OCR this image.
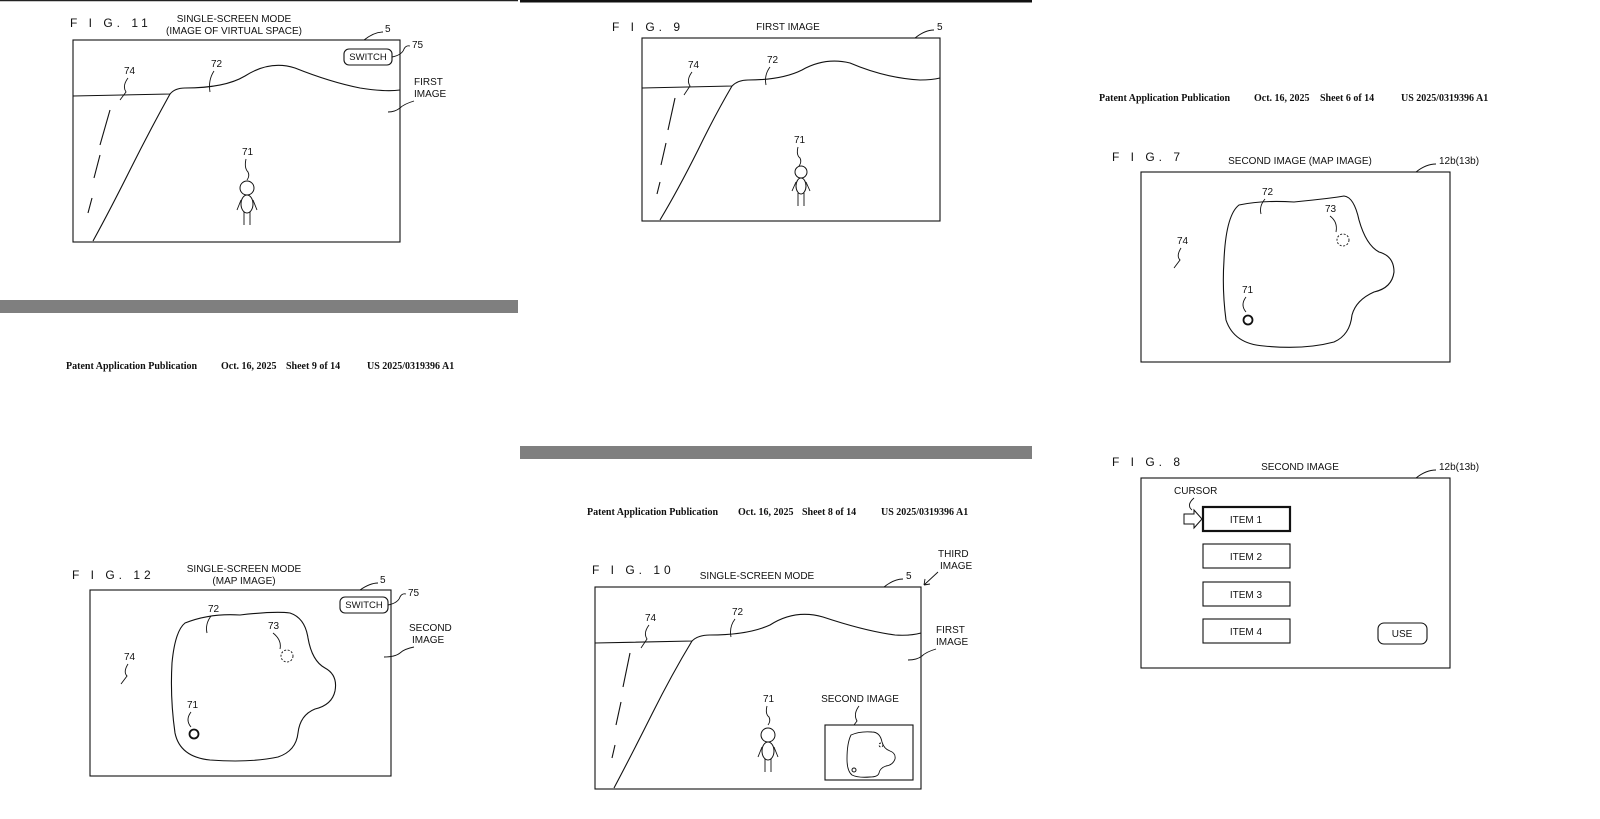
F I G. 11 SINGLE-SCREEN MODE
(IMAGE OF VIRTUAL SPACE)	5
SWITCH
75
74
72
71
FIRST
IMAGE
F I G. 9	FIRST IMAGE	5
74	72
71
Patent Application Publication Oct. 16, 2025 Sheet 6 of 14	US 2025/0319396 A1
F I G. 7	SECOND IMAGE (MAP IMAGE)	12b(13b)
72
73
74
71
F I G. 8	SECOND IMAGE	12b(13b)
CURSOR
ITEM 1
ITEM 2
ITEM 3
ITEM 4	USE
Patent Application Publication Oct. 16, 2025 Sheet 9 of 14	US 2025/0319396 A1
F I G. 12	SINGLE-SCREEN MODE
(MAP IMAGE)	5
SWITCH
75
72
73
74
71
SECOND
IMAGE
Patent Application Publication Oct. 16, 2025 Sheet 8 of 14 US 2025/0319396 A1
F I G. 10	SINGLE-SCREEN MODE	5
THIRD
IMAGE
74
72
FIRST
IMAGE
71	SECOND IMAGE
